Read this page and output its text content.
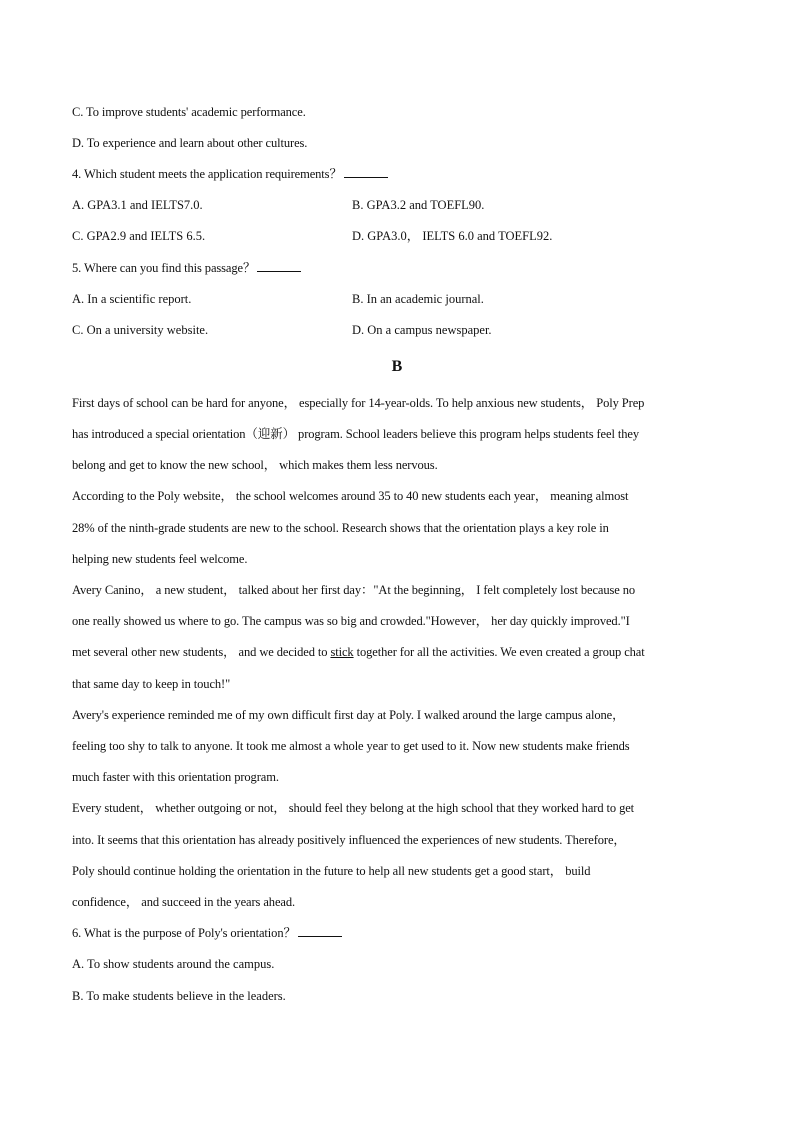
C. To improve students' academic performance.
D. To experience and learn about other cultures.
4. Which student meets the application requirements？
A. GPA3.1 and IELTS7.0.	B. GPA3.2 and TOEFL90.
C. GPA2.9 and IELTS 6.5.	D. GPA3.0， IELTS 6.0 and TOEFL92.
5. Where can you find this passage？
A. In a scientific report.	B. In an academic journal.
C. On a university website.	D. On a campus newspaper.
B
First days of school can be hard for anyone， especially for 14-year-olds. To help anxious new students， Poly Prep
has introduced a special orientation（迎新） program. School leaders believe this program helps students feel they
belong and get to know the new school， which makes them less nervous.
According to the Poly website， the school welcomes around 35 to 40 new students each year， meaning almost
28% of the ninth-grade students are new to the school. Research shows that the orientation plays a key role in
helping new students feel welcome.
Avery Canino， a new student， talked about her first day："At the beginning， I felt completely lost because no
one really showed us where to go. The campus was so big and crowded."However， her day quickly improved."I
met several other new students， and we decided to stick together for all the activities. We even created a group chat
that same day to keep in touch!"
Avery's experience reminded me of my own difficult first day at Poly. I walked around the large campus alone，
feeling too shy to talk to anyone. It took me almost a whole year to get used to it. Now new students make friends
much faster with this orientation program.
Every student， whether outgoing or not， should feel they belong at the high school that they worked hard to get
into. It seems that this orientation has already positively influenced the experiences of new students. Therefore，
Poly should continue holding the orientation in the future to help all new students get a good start， build
confidence， and succeed in the years ahead.
6. What is the purpose of Poly's orientation？
A. To show students around the campus.
B. To make students believe in the leaders.
